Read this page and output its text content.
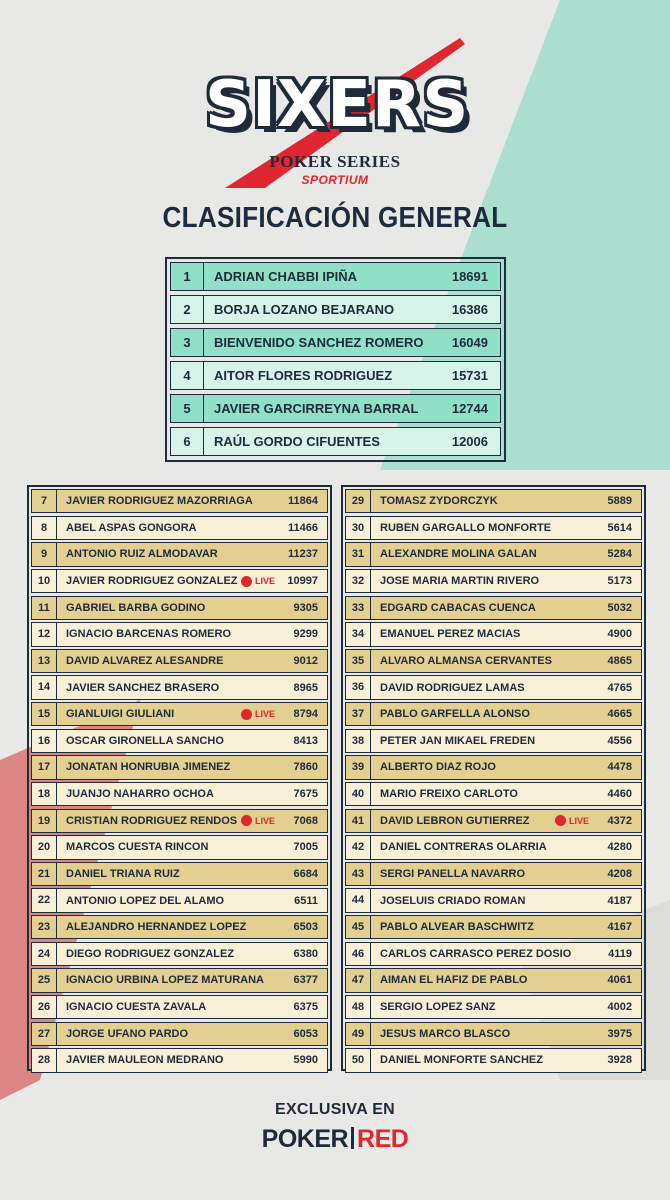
SIXERS
POKER SERIES
SPORTIUM
CLASIFICACIÓN GENERAL
1	ADRIAN CHABBI IPIÑA	18691
2	BORJA LOZANO BEJARANO	16386
3	BIENVENIDO SANCHEZ ROMERO	16049
4	AITOR FLORES RODRIGUEZ	15731
5	JAVIER GARCIRREYNA BARRAL	12744
6	RAÚL GORDO CIFUENTES	12006
7	JAVIER RODRIGUEZ MAZORRIAGA	11864
8	ABEL ASPAS GONGORA	11466
9	ANTONIO RUIZ ALMODAVAR	11237
10	JAVIER RODRIGUEZ GONZALEZ	LIVE	10997
11	GABRIEL BARBA GODINO	9305
12	IGNACIO BARCENAS ROMERO	9299
13	DAVID ALVAREZ ALESANDRE	9012
14	JAVIER SANCHEZ BRASERO	8965
15	GIANLUIGI GIULIANI	LIVE	8794
16	OSCAR GIRONELLA SANCHO	8413
17	JONATAN HONRUBIA JIMENEZ	7860
18	JUANJO NAHARRO OCHOA	7675
19	CRISTIAN RODRIGUEZ RENDOS	LIVE	7068
20	MARCOS CUESTA RINCON	7005
21	DANIEL TRIANA RUIZ	6684
22	ANTONIO LOPEZ DEL ALAMO	6511
23	ALEJANDRO HERNANDEZ LOPEZ	6503
24	DIEGO RODRIGUEZ GONZALEZ	6380
25	IGNACIO URBINA LOPEZ MATURANA	6377
26	IGNACIO CUESTA ZAVALA	6375
27	JORGE UFANO PARDO	6053
28	JAVIER MAULEON MEDRANO	5990
29	TOMASZ ZYDORCZYK	5889
30	RUBEN GARGALLO MONFORTE	5614
31	ALEXANDRE MOLINA GALAN	5284
32	JOSE MARIA MARTIN RIVERO	5173
33	EDGARD CABACAS CUENCA	5032
34	EMANUEL PEREZ MACIAS	4900
35	ALVARO ALMANSA CERVANTES	4865
36	DAVID RODRIGUEZ LAMAS	4765
37	PABLO GARFELLA ALONSO	4665
38	PETER JAN MIKAEL FREDEN	4556
39	ALBERTO DIAZ ROJO	4478
40	MARIO FREIXO CARLOTO	4460
41	DAVID LEBRON GUTIERREZ	LIVE	4372
42	DANIEL CONTRERAS OLARRIA	4280
43	SERGI PANELLA NAVARRO	4208
44	JOSELUIS CRIADO ROMAN	4187
45	PABLO ALVEAR BASCHWITZ	4167
46	CARLOS CARRASCO PEREZ DOSIO	4119
47	AIMAN EL HAFIZ DE PABLO	4061
48	SERGIO LOPEZ SANZ	4002
49	JESUS MARCO BLASCO	3975
50	DANIEL MONFORTE SANCHEZ	3928
EXCLUSIVA EN
POKER RED
